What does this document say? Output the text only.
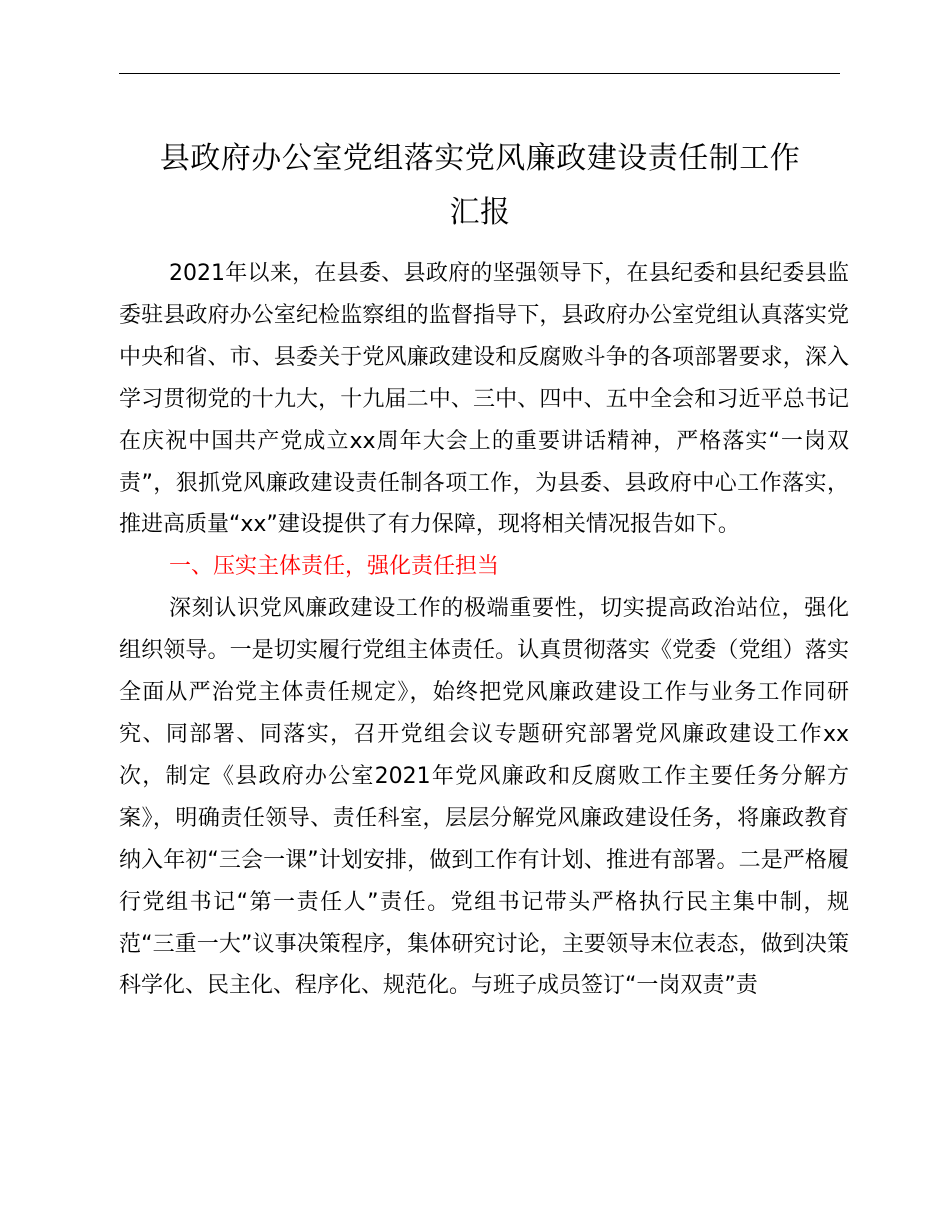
县政府办公室党组落实党风廉政建设责任制工作
汇报

2021年以来，在县委、县政府的坚强领导下，在县纪委和县纪委县监委驻县政府办公室纪检监察组的监督指导下，县政府办公室党组认真落实党中央和省、市、县委关于党风廉政建设和反腐败斗争的各项部署要求，深入学习贯彻党的十九大，十九届二中、三中、四中、五中全会和习近平总书记在庆祝中国共产党成立xx周年大会上的重要讲话精神，严格落实“一岗双责”，狠抓党风廉政建设责任制各项工作，为县委、县政府中心工作落实，推进高质量“xx”建设提供了有力保障，现将相关情况报告如下。

一、压实主体责任，强化责任担当

深刻认识党风廉政建设工作的极端重要性，切实提高政治站位，强化组织领导。一是切实履行党组主体责任。认真贯彻落实《党委（党组）落实全面从严治党主体责任规定》，始终把党风廉政建设工作与业务工作同研究、同部署、同落实，召开党组会议专题研究部署党风廉政建设工作xx次，制定《县政府办公室2021年党风廉政和反腐败工作主要任务分解方案》，明确责任领导、责任科室，层层分解党风廉政建设任务，将廉政教育纳入年初“三会一课”计划安排，做到工作有计划、推进有部署。二是严格履行党组书记“第一责任人”责任。党组书记带头严格执行民主集中制，规范“三重一大”议事决策程序，集体研究讨论，主要领导末位表态，做到决策科学化、民主化、程序化、规范化。与班子成员签订“一岗双责”责
